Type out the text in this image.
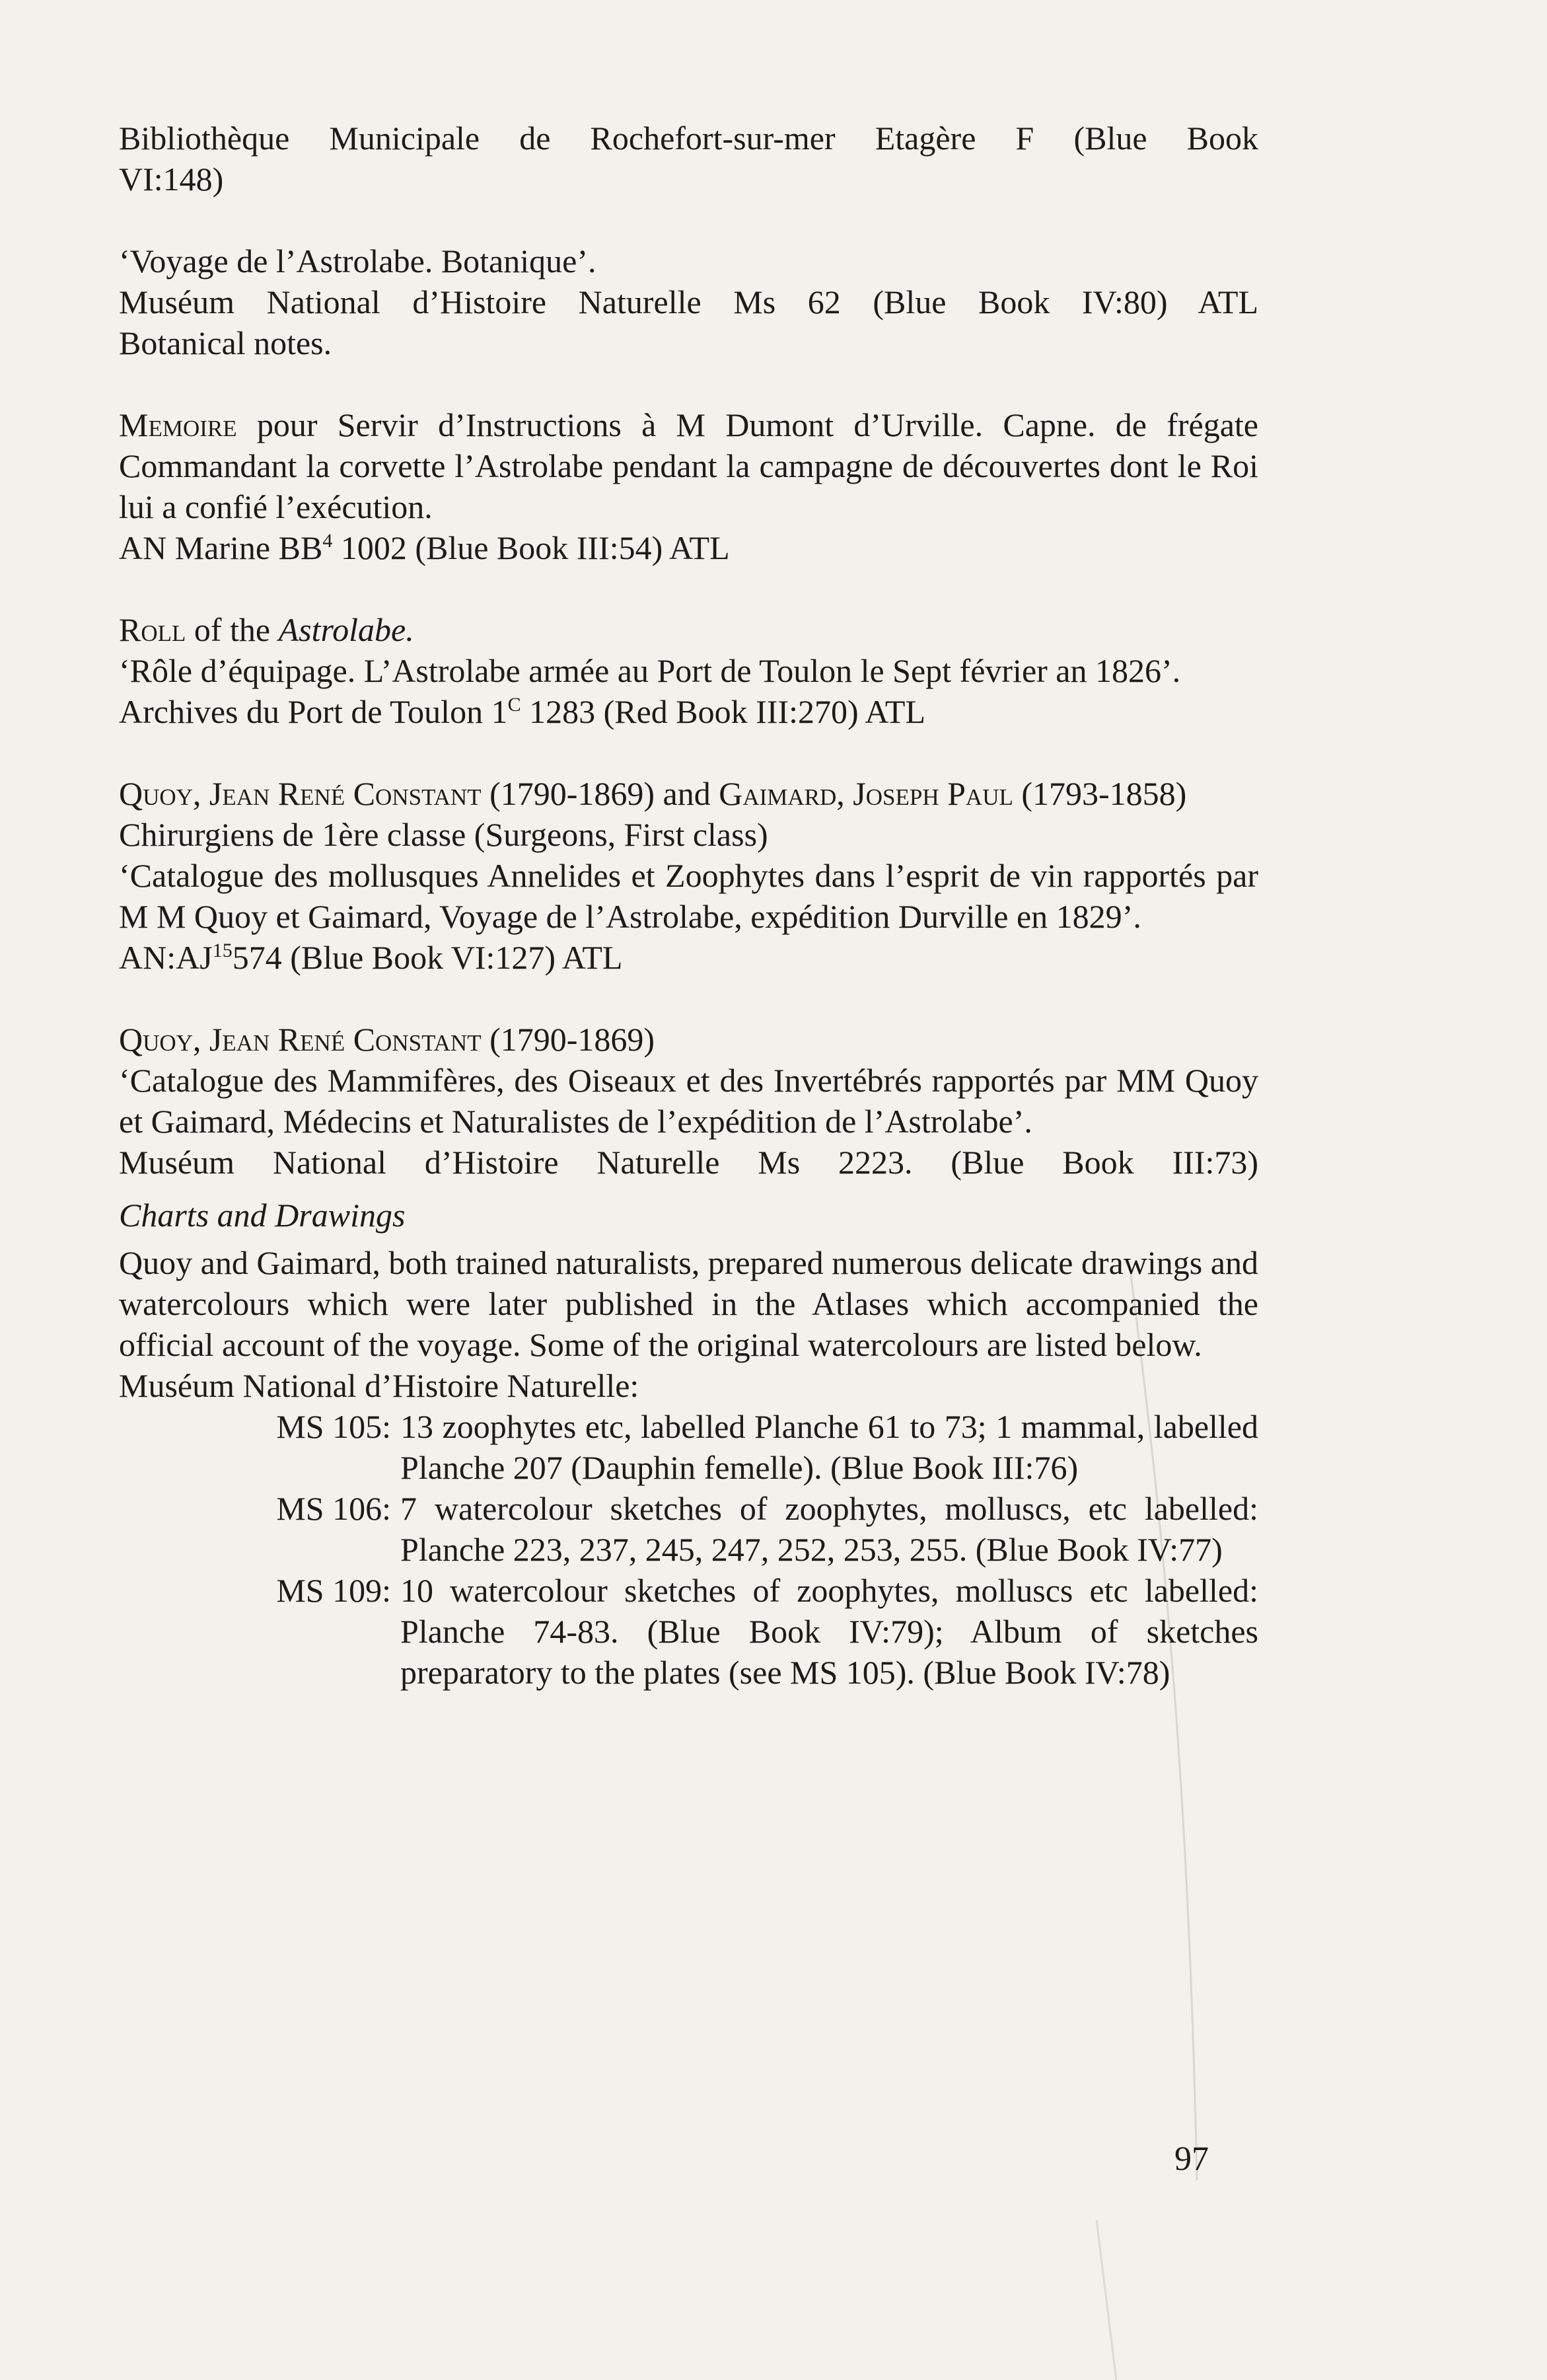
Bibliothèque Municipale de Rochefort-sur-mer Etagère F (Blue Book
VI:148)
‘Voyage de l’Astrolabe. Botanique’.
Muséum National d’Histoire Naturelle Ms 62 (Blue Book IV:80) ATL
Botanical notes.
Memoire pour Servir d’Instructions à M Dumont d’Urville. Capne. de frégate Commandant la corvette l’Astrolabe pendant la campagne de découvertes dont le Roi lui a confié l’exécution.
AN Marine $BB^4$ 1002 (Blue Book III:54) ATL
Roll of the Astrolabe.
‘Rôle d’équipage. L’Astrolabe armée au Port de Toulon le Sept février an 1826’.
Archives du Port de Toulon $1^C$ 1283 (Red Book III:270) ATL
Quoy, Jean René Constant (1790-1869) and Gaimard, Joseph Paul (1793-1858)
Chirurgiens de 1ère classe (Surgeons, First class)
‘Catalogue des mollusques Annelides et Zoophytes dans l’esprit de vin rapportés par M M Quoy et Gaimard, Voyage de l’Astrolabe, expédition Durville en 1829’.
AN:AJ$^{15}$574 (Blue Book VI:127) ATL
Quoy, Jean René Constant (1790-1869)
‘Catalogue des Mammifères, des Oiseaux et des Invertébrés rapportés par MM Quoy et Gaimard, Médecins et Naturalistes de l’expédition de l’Astrolabe’.
Muséum National d’Histoire Naturelle Ms 2223. (Blue Book III:73)
Charts and Drawings
Quoy and Gaimard, both trained naturalists, prepared numerous delicate drawings and watercolours which were later published in the Atlases which accompanied the official account of the voyage. Some of the original watercolours are listed below.
Muséum National d’Histoire Naturelle:
MS 105: 13 zoophytes etc, labelled Planche 61 to 73; 1 mammal, labelled Planche 207 (Dauphin femelle). (Blue Book III:76)
MS 106: 7 watercolour sketches of zoophytes, molluscs, etc labelled: Planche 223, 237, 245, 247, 252, 253, 255. (Blue Book IV:77)
MS 109: 10 watercolour sketches of zoophytes, molluscs etc labelled: Planche 74-83. (Blue Book IV:79); Album of sketches preparatory to the plates (see MS 105). (Blue Book IV:78)
97
